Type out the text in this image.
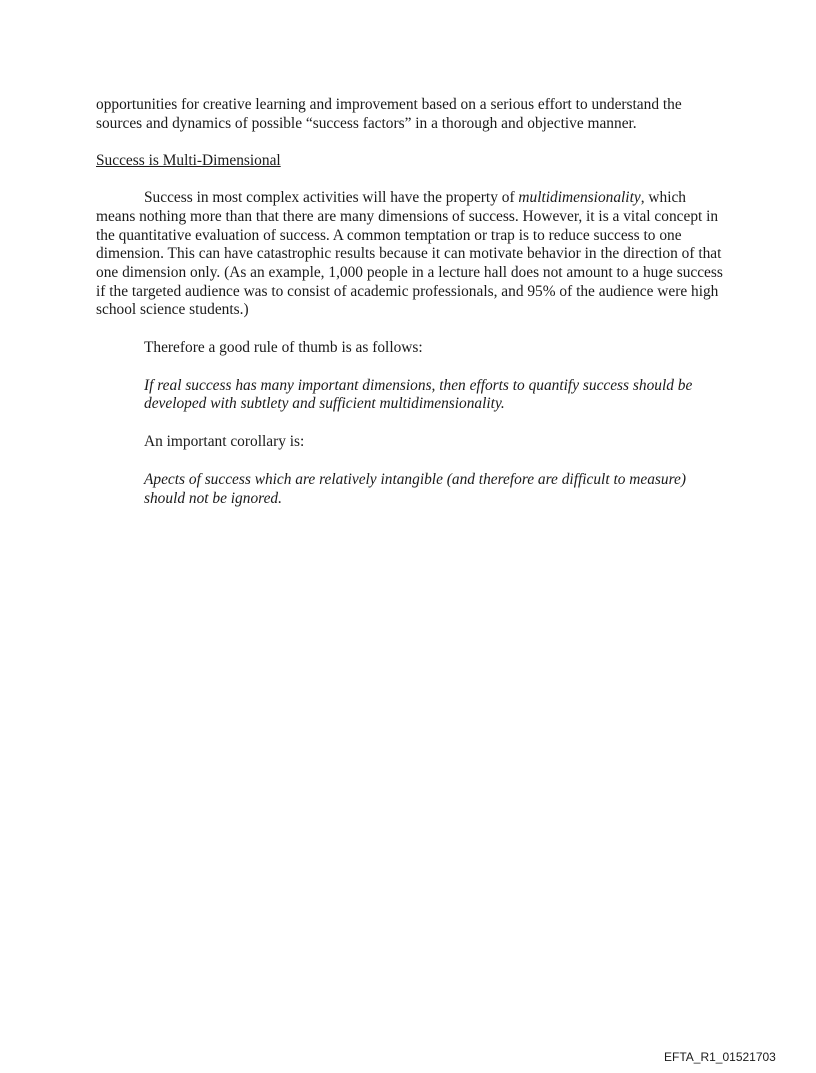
opportunities for creative learning and improvement based on a serious effort to understand the sources and dynamics of possible “success factors” in a thorough and objective manner.

Success is Multi-Dimensional

Success in most complex activities will have the property of multidimensionality, which means nothing more than that there are many dimensions of success. However, it is a vital concept in the quantitative evaluation of success. A common temptation or trap is to reduce success to one dimension. This can have catastrophic results because it can motivate behavior in the direction of that one dimension only. (As an example, 1,000 people in a lecture hall does not amount to a huge success if the targeted audience was to consist of academic professionals, and 95% of the audience were high school science students.)

Therefore a good rule of thumb is as follows:

If real success has many important dimensions, then efforts to quantify success should be developed with subtlety and sufficient multidimensionality.

An important corollary is:

Apects of success which are relatively intangible (and therefore are difficult to measure) should not be ignored.

EFTA_R1_01521703
